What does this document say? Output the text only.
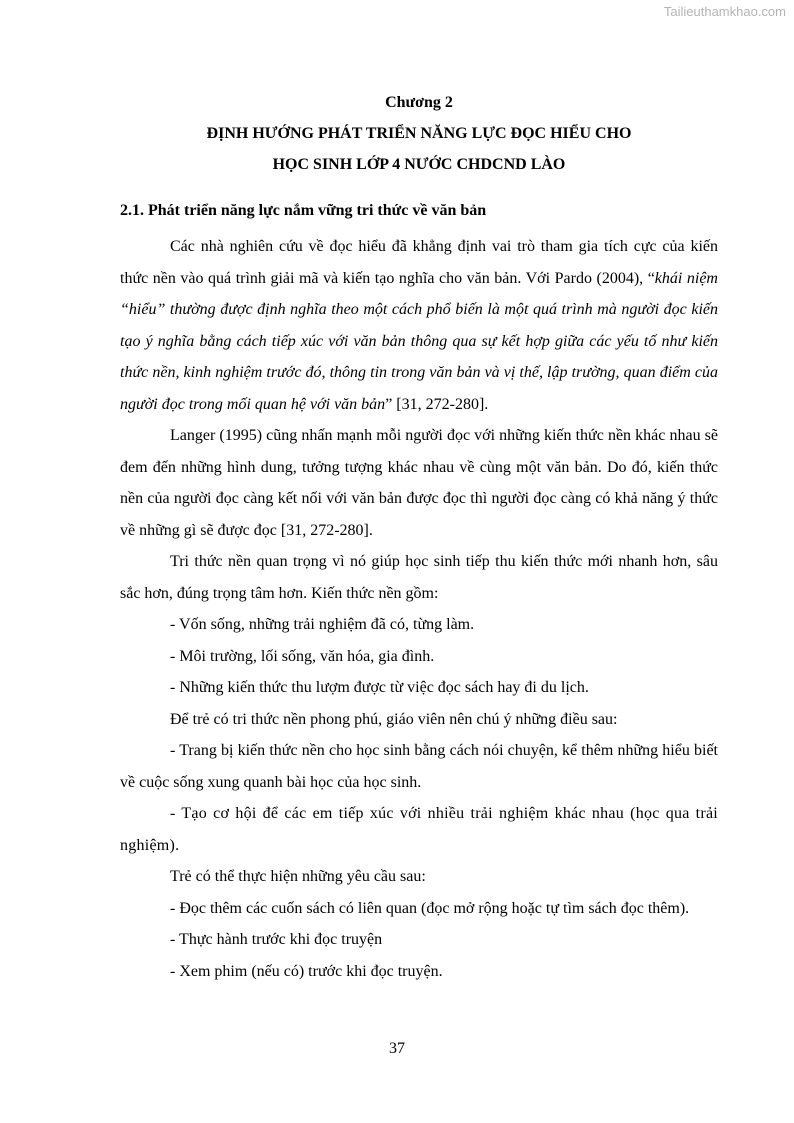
Tailieuthamkhao.com
Chương 2
ĐỊNH HƯỚNG PHÁT TRIỂN NĂNG LỰC ĐỌC HIỂU CHO
HỌC SINH LỚP 4 NƯỚC CHDCND LÀO
2.1. Phát triển năng lực nắm vững tri thức về văn bản

Các nhà nghiên cứu về đọc hiểu đã khẳng định vai trò tham gia tích cực của kiến thức nền vào quá trình giải mã và kiến tạo nghĩa cho văn bản. Với Pardo (2004), “khái niệm “hiểu” thường được định nghĩa theo một cách phổ biến là một quá trình mà người đọc kiến tạo ý nghĩa bằng cách tiếp xúc với văn bản thông qua sự kết hợp giữa các yếu tố như kiến thức nền, kinh nghiệm trước đó, thông tin trong văn bản và vị thế, lập trường, quan điểm của người đọc trong mối quan hệ với văn bản” [31, 272-280].

Langer (1995) cũng nhấn mạnh mỗi người đọc với những kiến thức nền khác nhau sẽ đem đến những hình dung, tưởng tượng khác nhau về cùng một văn bản. Do đó, kiến thức nền của người đọc càng kết nối với văn bản được đọc thì người đọc càng có khả năng ý thức về những gì sẽ được đọc [31, 272-280].

Tri thức nền quan trọng vì nó giúp học sinh tiếp thu kiến thức mới nhanh hơn, sâu sắc hơn, đúng trọng tâm hơn. Kiến thức nền gồm:

- Vốn sống, những trải nghiệm đã có, từng làm.

- Môi trường, lối sống, văn hóa, gia đình.

- Những kiến thức thu lượm được từ việc đọc sách hay đi du lịch.

Để trẻ có tri thức nền phong phú, giáo viên nên chú ý những điều sau:

- Trang bị kiến thức nền cho học sinh bằng cách nói chuyện, kể thêm những hiểu biết về cuộc sống xung quanh bài học của học sinh.

- Tạo cơ hội để các em tiếp xúc với nhiều trải nghiệm khác nhau (học qua trải nghiệm).

Trẻ có thể thực hiện những yêu cầu sau:

- Đọc thêm các cuốn sách có liên quan (đọc mở rộng hoặc tự tìm sách đọc thêm).

- Thực hành trước khi đọc truyện

- Xem phim (nếu có) trước khi đọc truyện.

37
